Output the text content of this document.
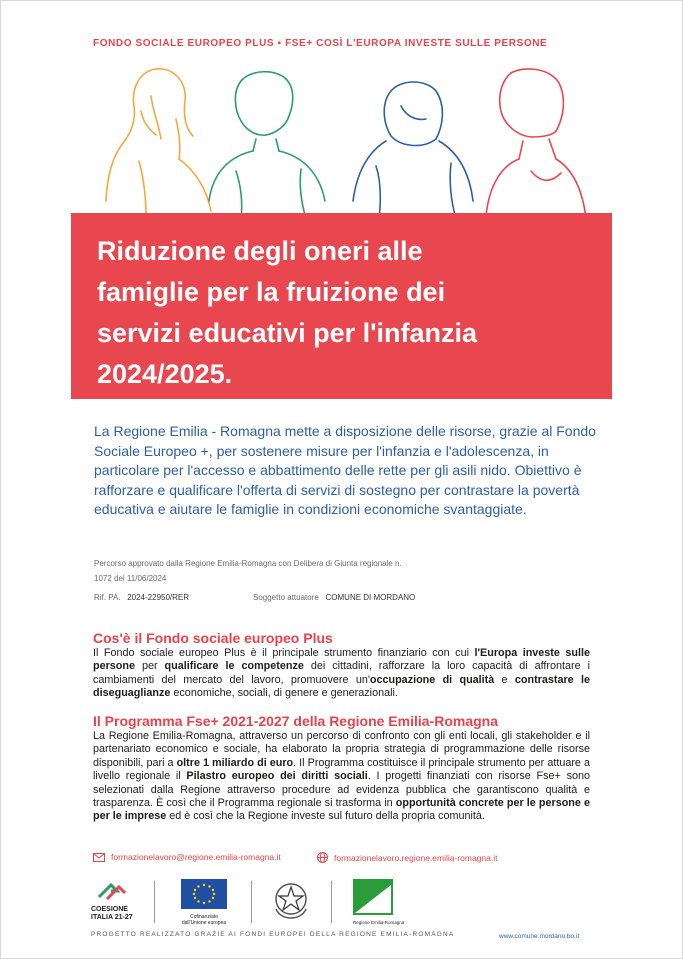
FONDO SOCIALE EUROPEO PLUS ▪ FSE+ COSÌ L'EUROPA INVESTE SULLE PERSONE
Riduzione degli oneri alle
famiglie per la fruizione dei
servizi educativi per l'infanzia
2024/2025.

La Regione Emilia - Romagna mette a disposizione delle risorse, grazie al Fondo Sociale Europeo +, per sostenere misure per l'infanzia e l'adolescenza, in particolare per l'accesso e abbattimento delle rette per gli asili nido. Obiettivo è rafforzare e qualificare l'offerta di servizi di sostegno per contrastare la povertà educativa e aiutare le famiglie in condizioni economiche svantaggiate.

Percorso approvato dalla Regione Emilia-Romagna con Delibera di Giunta regionale n.
1072 del 11/06/2024
Rif. PA. 2024-22950/RER	Soggetto attuatore COMUNE DI MORDANO
Cos'è il Fondo sociale europeo Plus

Il Fondo sociale europeo Plus è il principale strumento finanziario con cui l'Europa investe sulle persone per qualificare le competenze dei cittadini, rafforzare la loro capacità di affrontare i cambiamenti del mercato del lavoro, promuovere un'occupazione di qualità e contrastare le diseguaglianze economiche, sociali, di genere e generazionali.

Il Programma Fse+ 2021-2027 della Regione Emilia-Romagna

La Regione Emilia-Romagna, attraverso un percorso di confronto con gli enti locali, gli stakeholder e il partenariato economico e sociale, ha elaborato la propria strategia di programmazione delle risorse disponibili, pari a oltre 1 miliardo di euro. Il Programma costituisce il principale strumento per attuare a livello regionale il Pilastro europeo dei diritti sociali. I progetti finanziati con risorse Fse+ sono selezionati dalla Regione attraverso procedure ad evidenza pubblica che garantiscono qualità e trasparenza. È così che il Programma regionale si trasforma in opportunità concrete per le persone e per le imprese ed è così che la Regione investe sul futuro della propria comunità.

formazionelavoro@regione.emilia-romagna.it	formazionelavoro.regione.emilia-romagna.it
COESIONE
ITALIA 21-27	Cofinanziato
dall'Unione europea	Regione Emilia-Romagna
PROGETTO REALIZZATO GRAZIE AI FONDI EUROPEI DELLA REGIONE EMILIA-ROMAGNA	www.comune.mordano.bo.it
